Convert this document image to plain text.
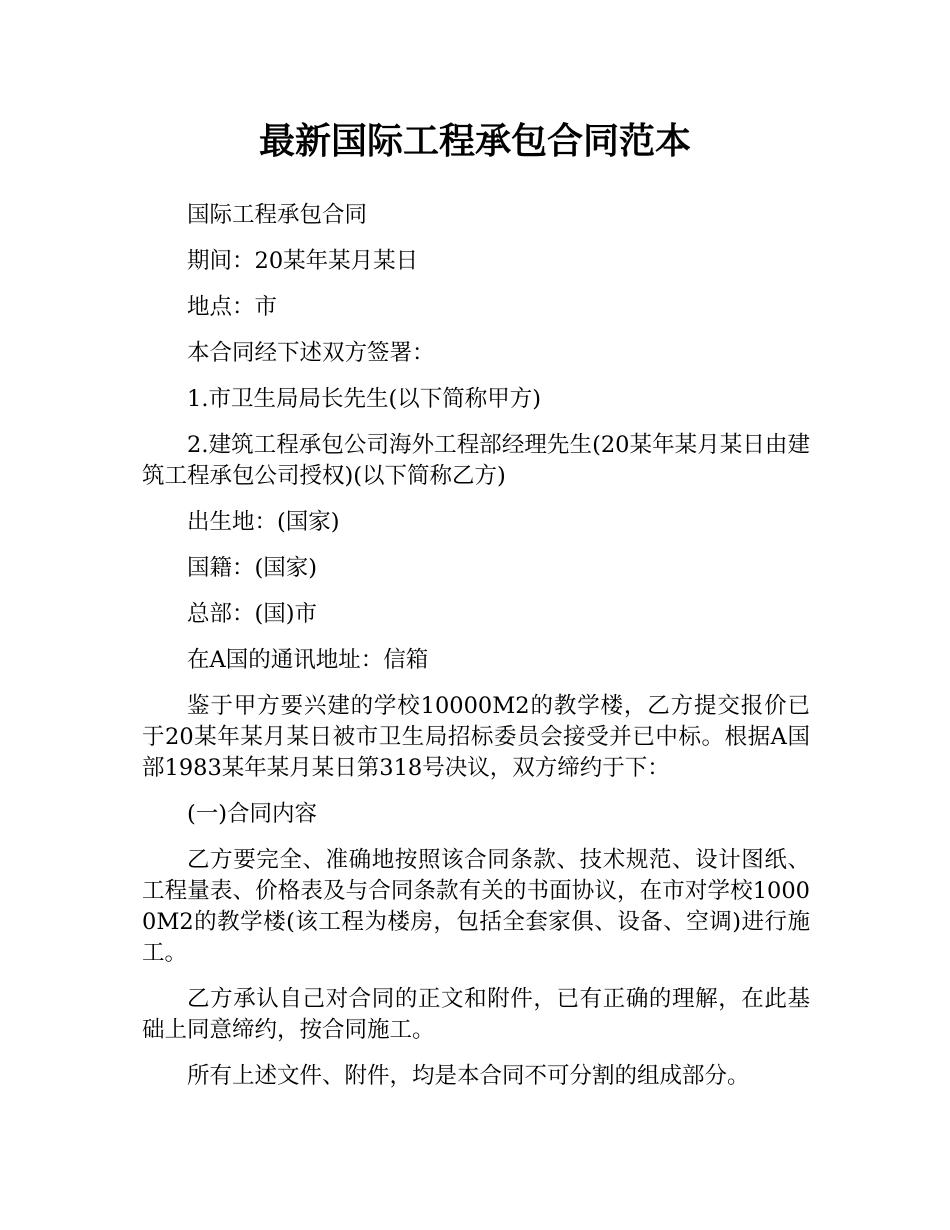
最新国际工程承包合同范本

国际工程承包合同

期间：20某年某月某日

地点：市

本合同经下述双方签署：

1.市卫生局局长先生(以下简称甲方)

2.建筑工程承包公司海外工程部经理先生(20某年某月某日由建筑工程承包公司授权)(以下简称乙方)

出生地：(国家)

国籍：(国家)

总部：(国)市

在A国的通讯地址：信箱

鉴于甲方要兴建的学校10000M2的教学楼，乙方提交报价已于20某年某月某日被市卫生局招标委员会接受并已中标。根据A国部1983某年某月某日第318号决议，双方缔约于下：

(一)合同内容

乙方要完全、准确地按照该合同条款、技术规范、设计图纸、工程量表、价格表及与合同条款有关的书面协议，在市对学校10000M2的教学楼(该工程为楼房，包括全套家俱、设备、空调)进行施工。

乙方承认自己对合同的正文和附件，已有正确的理解，在此基础上同意缔约，按合同施工。

所有上述文件、附件，均是本合同不可分割的组成部分。
